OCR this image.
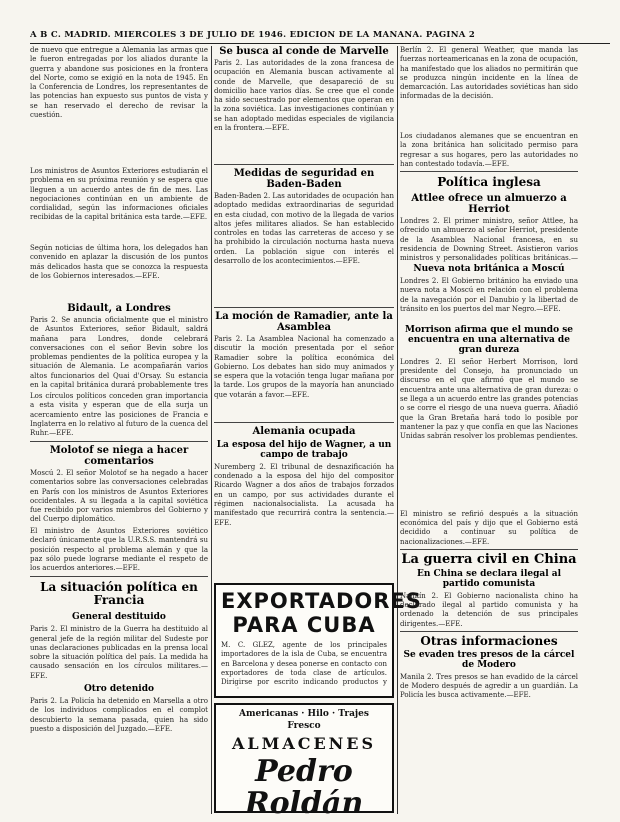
A B C. MADRID. MIERCOLES 3 DE JULIO DE 1946. EDICION DE LA MAÑANA. PAGINA 2
de nuevo que entregue a Alemania las armas que le fueron entregadas por los aliados durante la guerra y abandone sus posiciones en la frontera del Norte, como se exigió en la nota de 1945. En la Conferencia de Londres, los representantes de las potencias han expuesto sus puntos de vista y se han reservado el derecho de revisar la cuestión.
Los ministros de Asuntos Exteriores estudiarán el problema en su próxima reunión y se espera que lleguen a un acuerdo antes de fin de mes. Las negociaciones continúan en un ambiente de cordialidad, según las informaciones oficiales recibidas de la capital británica esta tarde.—EFE.
Según noticias de última hora, los delegados han convenido en aplazar la discusión de los puntos más delicados hasta que se conozca la respuesta de los Gobiernos interesados.—EFE.
Bidault, a Londres
Paris 2. Se anuncia oficialmente que el ministro de Asuntos Exteriores, señor Bidault, saldrá mañana para Londres, donde celebrará conversaciones con el señor Bevin sobre los problemas pendientes de la política europea y la situación de Alemania. Le acompañarán varios altos funcionarios del Quai d'Orsay. Su estancia en la capital británica durará probablemente tres
Los círculos políticos conceden gran importancia a esta visita y esperan que de ella surja un acercamiento entre las posiciones de Francia e Inglaterra en lo relativo al futuro de la cuenca del Ruhr.—EFE.
Molotof se niega a hacer comentarios
Moscú 2. El señor Molotof se ha negado a hacer comentarios sobre las conversaciones celebradas en París con los ministros de Asuntos Exteriores occidentales. A su llegada a la capital soviética fue recibido por varios miembros del Gobierno y del Cuerpo diplomático.
El ministro de Asuntos Exteriores soviético declaró únicamente que la U.R.S.S. mantendrá su posición respecto al problema alemán y que la paz sólo puede lograrse mediante el respeto de los acuerdos anteriores.—EFE.
La situación política en Francia
General destituido
Paris 2. El ministro de la Guerra ha destituido al general jefe de la región militar del Sudeste por unas declaraciones publicadas en la prensa local sobre la situación política del país. La medida ha causado sensación en los círculos militares.—EFE.
Otro detenido
Paris 2. La Policía ha detenido en Marsella a otro de los individuos complicados en el complot descubierto la semana pasada, quien ha sido puesto a disposición del Juzgado.—EFE.
Se busca al conde de Marvelle
Paris 2. Las autoridades de la zona francesa de ocupación en Alemania buscan activamente al conde de Marvelle, que desapareció de su domicilio hace varios días. Se cree que el conde ha sido secuestrado por elementos que operan en la zona soviética. Las investigaciones continúan y se han adoptado medidas especiales de vigilancia en la frontera.—EFE.
Medidas de seguridad en Baden-Baden
Baden-Baden 2. Las autoridades de ocupación han adoptado medidas extraordinarias de seguridad en esta ciudad, con motivo de la llegada de varios altos jefes militares aliados. Se han establecido controles en todas las carreteras de acceso y se ha prohibido la circulación nocturna hasta nueva orden. La población sigue con interés el desarrollo de los acontecimientos.—EFE.
La moción de Ramadier, ante la Asamblea
Paris 2. La Asamblea Nacional ha comenzado a discutir la moción presentada por el señor Ramadier sobre la política económica del Gobierno. Los debates han sido muy animados y se espera que la votación tenga lugar mañana por la tarde. Los grupos de la mayoría han anunciado que votarán a favor.—EFE.
Alemania ocupada
La esposa del hijo de Wagner, a un campo de trabajo
Nuremberg 2. El tribunal de desnazificación ha condenado a la esposa del hijo del compositor Ricardo Wagner a dos años de trabajos forzados en un campo, por sus actividades durante el régimen nacionalsocialista. La acusada ha manifestado que recurrirá contra la sentencia.—EFE.
EXPORTADORES PARA CUBA
M. C. GLEZ, agente de los principales importadores de la isla de Cuba, se encuentra en Barcelona y desea ponerse en contacto con exportadores de toda clase de artículos. Dirigirse por escrito indicando productos y
Americanas · Hilo · Trajes Fresco
ALMACENES
Pedro Roldán
Berlín 2. El general Weather, que manda las fuerzas norteamericanas en la zona de ocupación, ha manifestado que los aliados no permitirán que se produzca ningún incidente en la línea de demarcación. Las autoridades soviéticas han sido informadas de la decisión.
Los ciudadanos alemanes que se encuentran en la zona británica han solicitado permiso para regresar a sus hogares, pero las autoridades no han contestado todavía.—EFE.
Política inglesa
Attlee ofrece un almuerzo a Herriot
Londres 2. El primer ministro, señor Attlee, ha ofrecido un almuerzo al señor Herriot, presidente de la Asamblea Nacional francesa, en su residencia de Downing Street. Asistieron varios ministros y personalidades políticas británicas.—
Nueva nota británica a Moscú
Londres 2. El Gobierno británico ha enviado una nueva nota a Moscú en relación con el problema de la navegación por el Danubio y la libertad de tránsito en los puertos del mar Negro.—EFE.
Morrison afirma que el mundo se encuentra en una alternativa de gran dureza
Londres 2. El señor Herbert Morrison, lord presidente del Consejo, ha pronunciado un discurso en el que afirmó que el mundo se encuentra ante una alternativa de gran dureza: o se llega a un acuerdo entre las grandes potencias o se corre el riesgo de una nueva guerra. Añadió que la Gran Bretaña hará todo lo posible por mantener la paz y que confía en que las Naciones Unidas sabrán resolver los problemas pendientes.
El ministro se refirió después a la situación económica del país y dijo que el Gobierno está decidido a continuar su política de nacionalizaciones.—EFE.
La guerra civil en China
En China se declara ilegal al partido comunista
Nankín 2. El Gobierno nacionalista chino ha declarado ilegal al partido comunista y ha ordenado la detención de sus principales dirigentes.—EFE.
Otras informaciones
Se evaden tres presos de la cárcel de Modero
Manila 2. Tres presos se han evadido de la cárcel de Modero después de agredir a un guardián. La Policía les busca activamente.—EFE.
